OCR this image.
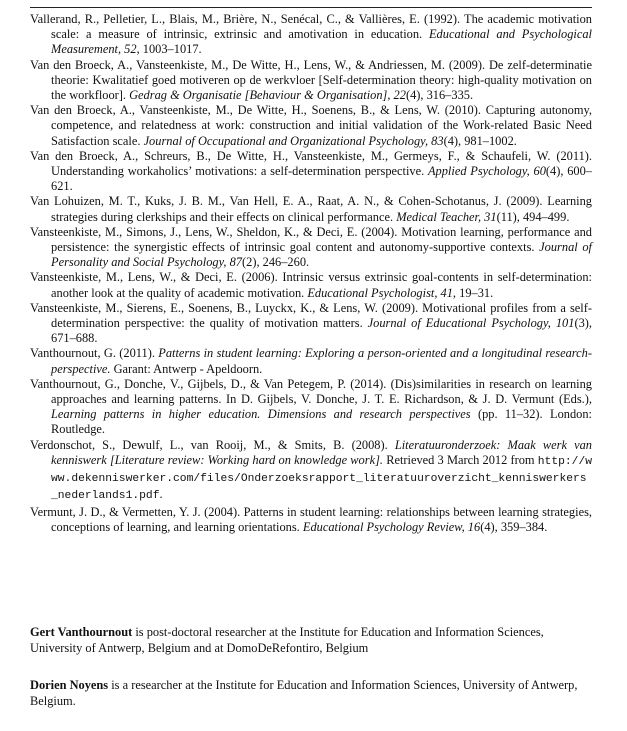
Vallerand, R., Pelletier, L., Blais, M., Brière, N., Senécal, C., & Vallières, E. (1992). The academic motivation scale: a measure of intrinsic, extrinsic and amotivation in education. Educational and Psychological Measurement, 52, 1003–1017.

Van den Broeck, A., Vansteenkiste, M., De Witte, H., Lens, W., & Andriessen, M. (2009). De zelf-determinatie theorie: Kwalitatief goed motiveren op de werkvloer [Self-determination theory: high-quality motivation on the workfloor]. Gedrag & Organisatie [Behaviour & Organisation], 22(4), 316–335.

Van den Broeck, A., Vansteenkiste, M., De Witte, H., Soenens, B., & Lens, W. (2010). Capturing autonomy, competence, and relatedness at work: construction and initial validation of the Work-related Basic Need Satisfaction scale. Journal of Occupational and Organizational Psychology, 83(4), 981–1002.

Van den Broeck, A., Schreurs, B., De Witte, H., Vansteenkiste, M., Germeys, F., & Schaufeli, W. (2011). Understanding workaholics’ motivations: a self-determination perspective. Applied Psychology, 60(4), 600–621.

Van Lohuizen, M. T., Kuks, J. B. M., Van Hell, E. A., Raat, A. N., & Cohen-Schotanus, J. (2009). Learning strategies during clerkships and their effects on clinical performance. Medical Teacher, 31(11), 494–499.

Vansteenkiste, M., Simons, J., Lens, W., Sheldon, K., & Deci, E. (2004). Motivation learning, performance and persistence: the synergistic effects of intrinsic goal content and autonomy-supportive contexts. Journal of Personality and Social Psychology, 87(2), 246–260.

Vansteenkiste, M., Lens, W., & Deci, E. (2006). Intrinsic versus extrinsic goal-contents in self-determination: another look at the quality of academic motivation. Educational Psychologist, 41, 19–31.

Vansteenkiste, M., Sierens, E., Soenens, B., Luyckx, K., & Lens, W. (2009). Motivational profiles from a self-determination perspective: the quality of motivation matters. Journal of Educational Psychology, 101(3), 671–688.

Vanthournout, G. (2011). Patterns in student learning: Exploring a person-oriented and a longitudinal research-perspective. Garant: Antwerp - Apeldoorn.

Vanthournout, G., Donche, V., Gijbels, D., & Van Petegem, P. (2014). (Dis)similarities in research on learning approaches and learning patterns. In D. Gijbels, V. Donche, J. T. E. Richardson, & J. D. Vermunt (Eds.), Learning patterns in higher education. Dimensions and research perspectives (pp. 11–32). London: Routledge.

Verdonschot, S., Dewulf, L., van Rooij, M., & Smits, B. (2008). Literatuuronderzoek: Maak werk van kenniswerk [Literature review: Working hard on knowledge work]. Retrieved 3 March 2012 from http://www.dekenniswerker.com/files/Onderzoeksrapport_literatuuroverzicht_kenniswerkers_nederlands1.pdf.

Vermunt, J. D., & Vermetten, Y. J. (2004). Patterns in student learning: relationships between learning strategies, conceptions of learning, and learning orientations. Educational Psychology Review, 16(4), 359–384.

Gert Vanthournout is post-doctoral researcher at the Institute for Education and Information Sciences, University of Antwerp, Belgium and at DomoDeRefontiro, Belgium

Dorien Noyens is a researcher at the Institute for Education and Information Sciences, University of Antwerp, Belgium.
